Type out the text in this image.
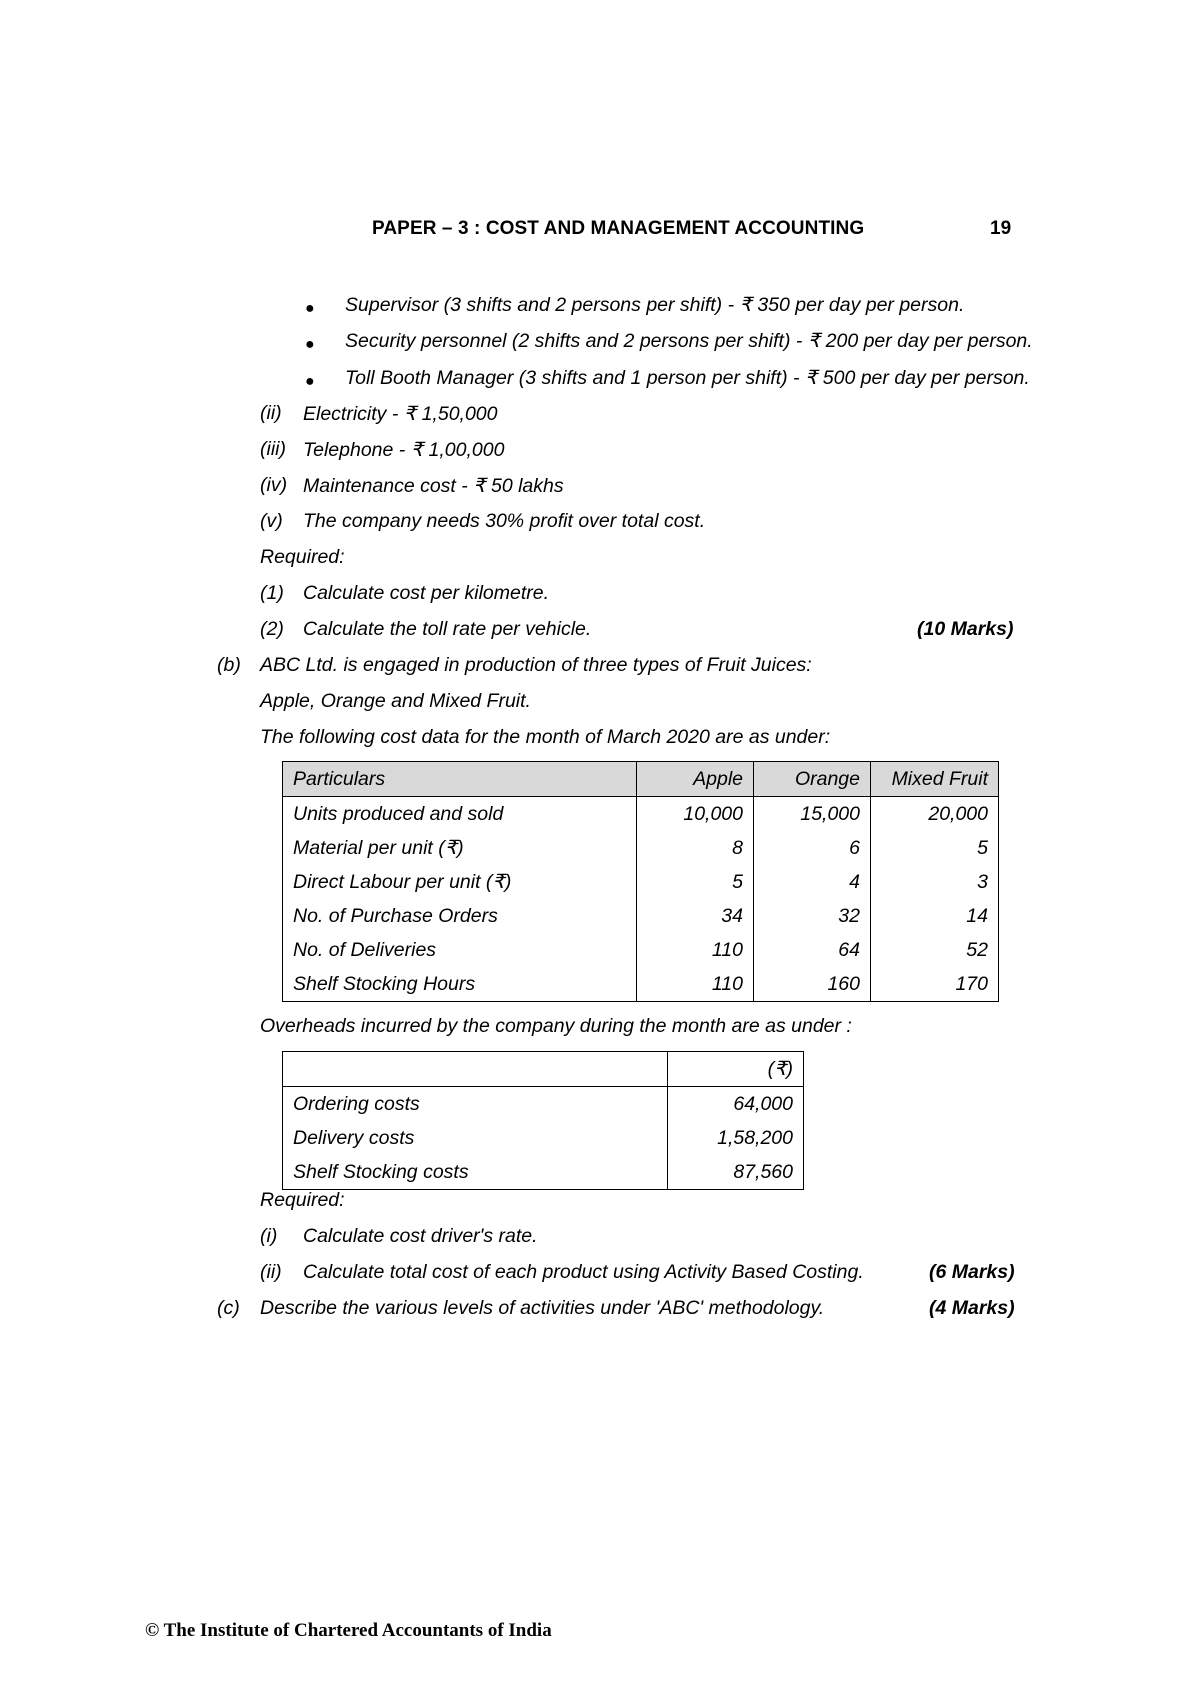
PAPER – 3 : COST AND MANAGEMENT ACCOUNTING	19
● Supervisor (3 shifts and 2 persons per shift) - ₹ 350 per day per person.
● Security personnel (2 shifts and 2 persons per shift) - ₹ 200 per day per person.
● Toll Booth Manager (3 shifts and 1 person per shift) - ₹ 500 per day per person.
(ii) Electricity - ₹ 1,50,000
(iii) Telephone - ₹ 1,00,000
(iv) Maintenance cost - ₹ 50 lakhs
(v) The company needs 30% profit over total cost.
Required:
(1) Calculate cost per kilometre.
(2) Calculate the toll rate per vehicle.	(10 Marks)
(b) ABC Ltd. is engaged in production of three types of Fruit Juices:
Apple, Orange and Mixed Fruit.
The following cost data for the month of March 2020 are as under:
Particulars	Apple	Orange	Mixed Fruit
Units produced and sold	10,000	15,000	20,000
Material per unit (₹)	8	6	5
Direct Labour per unit (₹)	5	4	3
No. of Purchase Orders	34	32	14
No. of Deliveries	110	64	52
Shelf Stocking Hours	110	160	170
Overheads incurred by the company during the month are as under :
	(₹)
Ordering costs	64,000
Delivery costs	1,58,200
Shelf Stocking costs	87,560
Required:
(i) Calculate cost driver's rate.
(ii) Calculate total cost of each product using Activity Based Costing.	(6 Marks)
(c) Describe the various levels of activities under 'ABC' methodology.	(4 Marks)
© The Institute of Chartered Accountants of India
